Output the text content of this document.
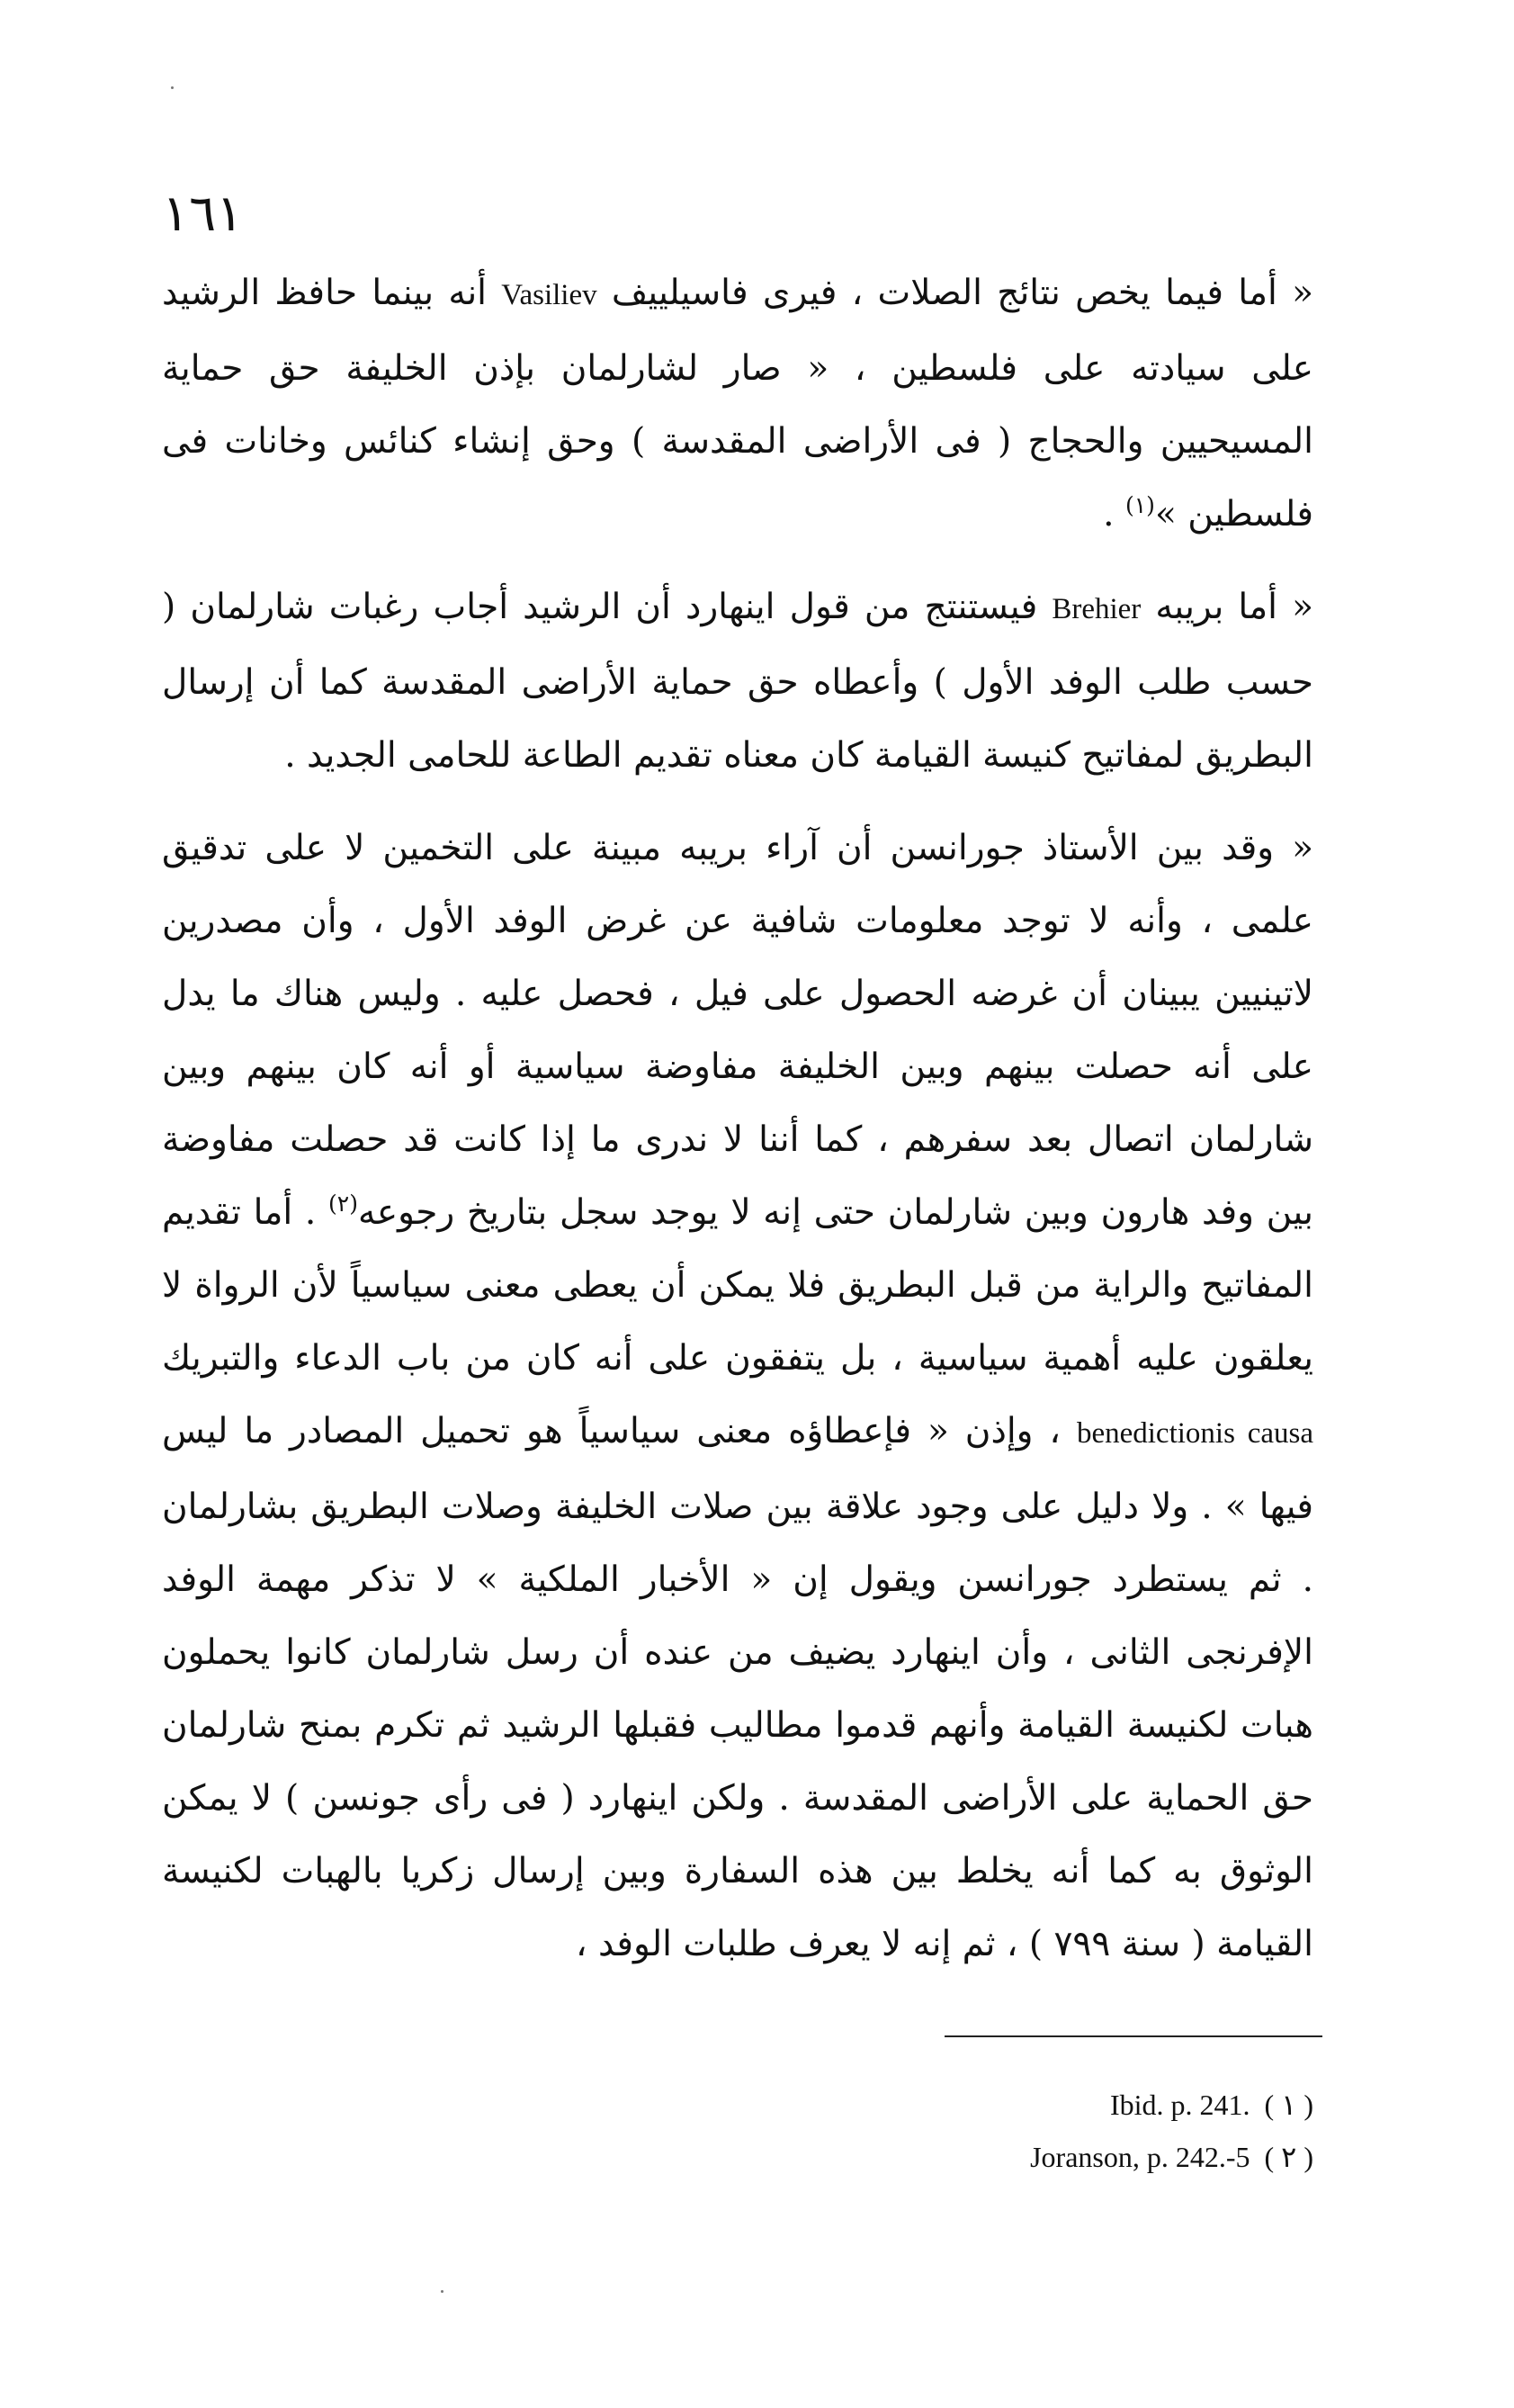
١٦١

« أما فيما يخص نتائج الصلات ، فيرى فاسيلييف Vasiliev أنه بينما حافظ الرشيد على سيادته على فلسطين ، « صار لشارلمان بإذن الخليفة حق حماية المسيحيين والحجاج ( فى الأراضى المقدسة ) وحق إنشاء كنائس وخانات فى فلسطين »$^{(١)}$ .

« أما بريبه Brehier فيستنتج من قول اينهارد أن الرشيد أجاب رغبات شارلمان ( حسب طلب الوفد الأول ) وأعطاه حق حماية الأراضى المقدسة كما أن إرسال البطريق لمفاتيح كنيسة القيامة كان معناه تقديم الطاعة للحامى الجديد .

« وقد بين الأستاذ جورانسن أن آراء بريبه مبينة على التخمين لا على تدقيق علمى ، وأنه لا توجد معلومات شافية عن غرض الوفد الأول ، وأن مصدرين لاتينيين يبينان أن غرضه الحصول على فيل ، فحصل عليه . وليس هناك ما يدل على أنه حصلت بينهم وبين الخليفة مفاوضة سياسية أو أنه كان بينهم وبين شارلمان اتصال بعد سفرهم ، كما أننا لا ندرى ما إذا كانت قد حصلت مفاوضة بين وفد هارون وبين شارلمان حتى إنه لا يوجد سجل بتاريخ رجوعه$^{(٢)}$ . أما تقديم المفاتيح والراية من قبل البطريق فلا يمكن أن يعطى معنى سياسياً لأن الرواة لا يعلقون عليه أهمية سياسية ، بل يتفقون على أنه كان من باب الدعاء والتبريك benedictionis causa ، وإذن « فإعطاؤه معنى سياسياً هو تحميل المصادر ما ليس فيها » . ولا دليل على وجود علاقة بين صلات الخليفة وصلات البطريق بشارلمان . ثم يستطرد جورانسن ويقول إن « الأخبار الملكية » لا تذكر مهمة الوفد الإفرنجى الثانى ، وأن اينهارد يضيف من عنده أن رسل شارلمان كانوا يحملون هبات لكنيسة القيامة وأنهم قدموا مطاليب فقبلها الرشيد ثم تكرم بمنح شارلمان حق الحماية على الأراضى المقدسة . ولكن اينهارد ( فى رأى جونسن ) لا يمكن الوثوق به كما أنه يخلط بين هذه السفارة وبين إرسال زكريا بالهبات لكنيسة القيامة ( سنة ٧٩٩ ) ، ثم إنه لا يعرف طلبات الوفد ،

Ibid. p. 241. ( ١ )
Joranson, p. 242.-5 ( ٢ )
